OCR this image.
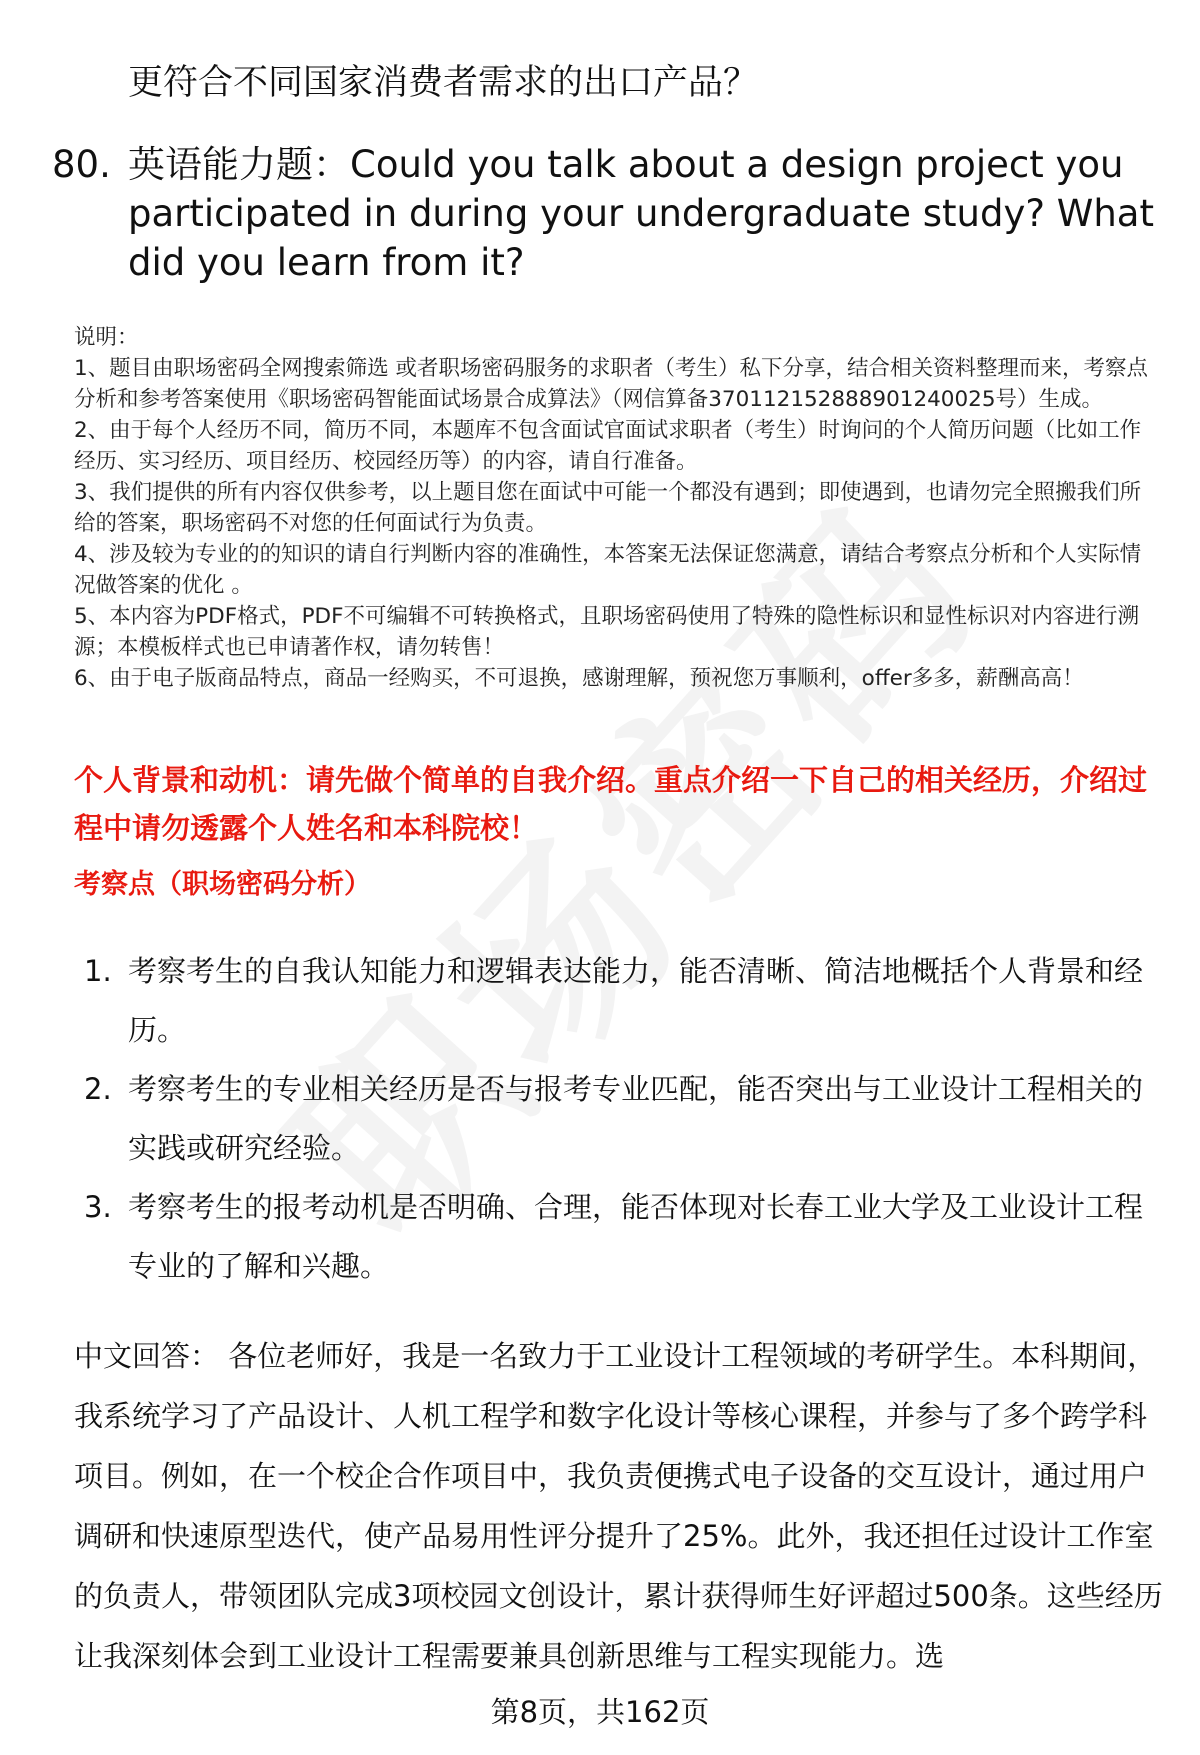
更符合不同国家消费者需求的出口产品？
80. 英语能力题：Could you talk about a design project you participated in during your undergraduate study? What did you learn from it?
说明：
1、题目由职场密码全网搜索筛选 或者职场密码服务的求职者（考生）私下分享，结合相关资料整理而来，考察点分析和参考答案使用《职场密码智能面试场景合成算法》（网信算备370112152888901240025号）生成。
2、由于每个人经历不同，简历不同，本题库不包含面试官面试求职者（考生）时询问的个人简历问题（比如工作经历、实习经历、项目经历、校园经历等）的内容，请自行准备。
3、我们提供的所有内容仅供参考，以上题目您在面试中可能一个都没有遇到；即使遇到，也请勿完全照搬我们所给的答案，职场密码不对您的任何面试行为负责。
4、涉及较为专业的的知识的请自行判断内容的准确性，本答案无法保证您满意，请结合考察点分析和个人实际情况做答案的优化 。
5、本内容为PDF格式，PDF不可编辑不可转换格式，且职场密码使用了特殊的隐性标识和显性标识对内容进行溯源；本模板样式也已申请著作权，请勿转售！
6、由于电子版商品特点，商品一经购买，不可退换，感谢理解，预祝您万事顺利，offer多多，薪酬高高！
个人背景和动机：请先做个简单的自我介绍。重点介绍一下自己的相关经历，介绍过程中请勿透露个人姓名和本科院校！
考察点（职场密码分析）
1. 考察考生的自我认知能力和逻辑表达能力，能否清晰、简洁地概括个人背景和经历。
2. 考察考生的专业相关经历是否与报考专业匹配，能否突出与工业设计工程相关的实践或研究经验。
3. 考察考生的报考动机是否明确、合理，能否体现对长春工业大学及工业设计工程专业的了解和兴趣。
中文回答： 各位老师好，我是一名致力于工业设计工程领域的考研学生。本科期间，我系统学习了产品设计、人机工程学和数字化设计等核心课程，并参与了多个跨学科项目。例如，在一个校企合作项目中，我负责便携式电子设备的交互设计，通过用户调研和快速原型迭代，使产品易用性评分提升了25%。此外，我还担任过设计工作室的负责人，带领团队完成3项校园文创设计，累计获得师生好评超过500条。这些经历让我深刻体会到工业设计工程需要兼具创新思维与工程实现能力。选
第8页，共162页
